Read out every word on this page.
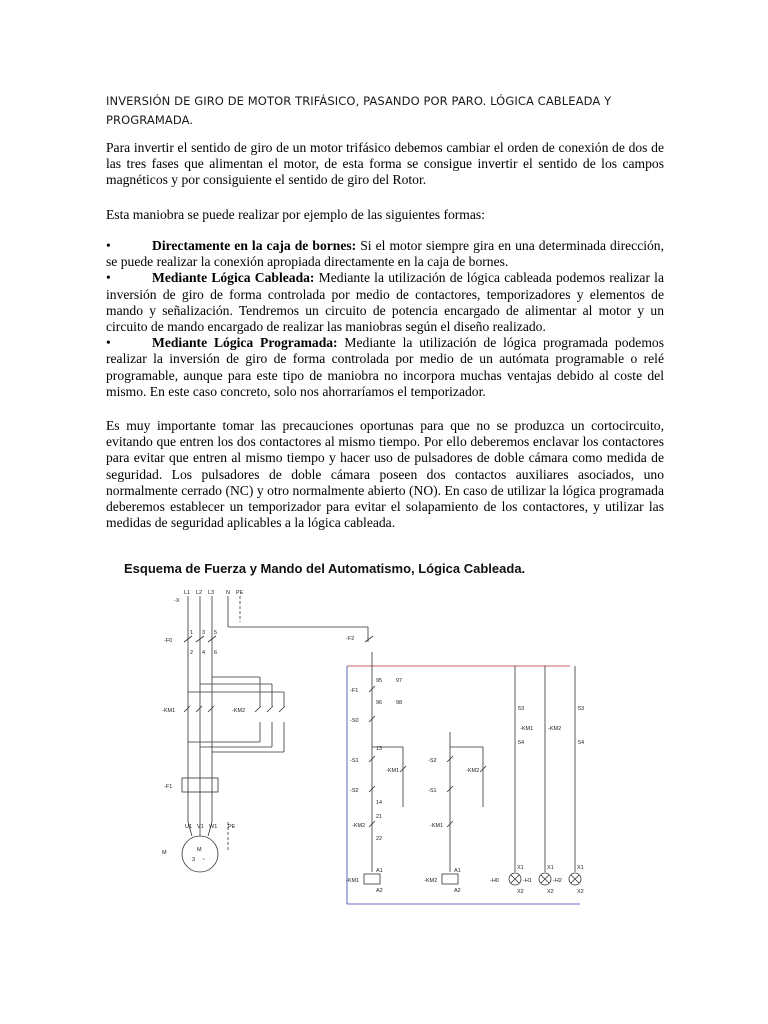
INVERSIÓN DE GIRO DE MOTOR TRIFÁSICO, PASANDO POR PARO. LÓGICA CABLEADA Y PROGRAMADA.
Para invertir el sentido de giro de un motor trifásico debemos cambiar el orden de conexión de dos de las tres fases que alimentan el motor, de esta forma se consigue invertir el sentido de los campos magnéticos y por consiguiente el sentido de giro del Rotor.
Esta maniobra se puede realizar por ejemplo de las siguientes formas:

•	Directamente en la caja de bornes: Si el motor siempre gira en una determinada dirección, se puede realizar la conexión apropiada directamente en la caja de bornes.

•	Mediante Lógica Cableada: Mediante la utilización de lógica cableada podemos realizar la inversión de giro de forma controlada por medio de contactores, temporizadores y elementos de mando y señalización. Tendremos un circuito de potencia encargado de alimentar al motor y un circuito de mando encargado de realizar las maniobras según el diseño realizado.

•	Mediante Lógica Programada: Mediante la utilización de lógica programada podemos realizar la inversión de giro de forma controlada por medio de un autómata programable o relé programable, aunque para este tipo de maniobra no incorpora muchas ventajas debido al coste del mismo. En este caso concreto, solo nos ahorraríamos el temporizador.

Es muy importante tomar las precauciones oportunas para que no se produzca un cortocircuito, evitando que entren los dos contactores al mismo tiempo. Por ello deberemos enclavar los contactores para evitar que entren al mismo tiempo y hacer uso de pulsadores de doble cámara como medida de seguridad. Los pulsadores de doble cámara poseen dos contactos auxiliares asociados, uno normalmente cerrado (NC) y otro normalmente abierto (NO). En caso de utilizar la lógica programada deberemos establecer un temporizador para evitar el solapamiento de los contactores, y utilizar las medidas de seguridad aplicables a la lógica cableada.
Esquema de Fuerza y Mando del Automatismo, Lógica Cableada.
L1 L2 L3 N PE
-X
-F0	-F2
-KM1	-KM2
-F1
U1 V1 W1 PE
M	M
3 ~
-F1
95
96
97
98
-S0
-S1
-S2
-S2
-S1
-KM1	-KM2
-KM2	-KM1
-KM1	-KM2
A1
A2
A1
A2
-H0	-H1	-H2
X1
X2
X1
X2
X1
X2
-KM1	-KM2
53
54
53
54
13
14
21
22
1 3 5
2 4 6
